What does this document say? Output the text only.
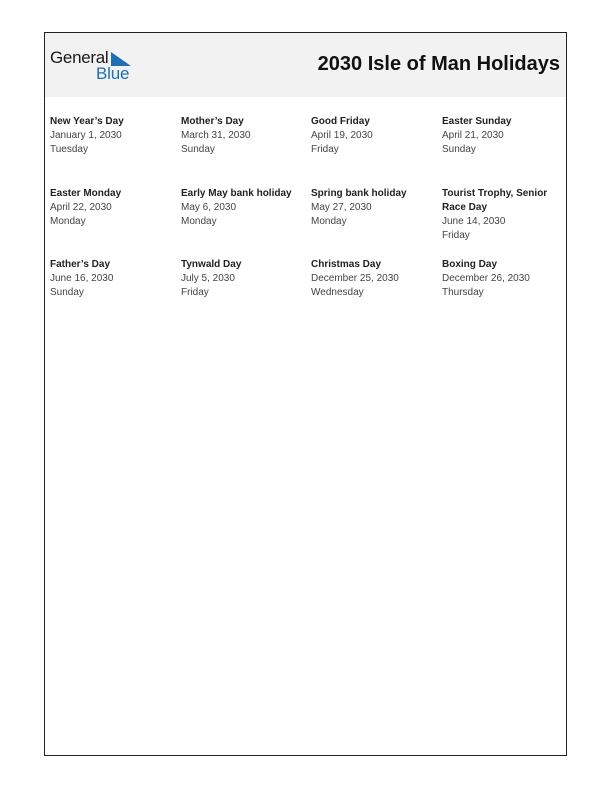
General
Blue	2030 Isle of Man Holidays
New Year’s Day
January 1, 2030
Tuesday
Mother’s Day
March 31, 2030
Sunday
Good Friday
April 19, 2030
Friday
Easter Sunday
April 21, 2030
Sunday
Easter Monday
April 22, 2030
Monday
Early May bank holiday
May 6, 2030
Monday
Spring bank holiday
May 27, 2030
Monday
Tourist Trophy, Senior Race Day
June 14, 2030
Friday
Father’s Day
June 16, 2030
Sunday
Tynwald Day
July 5, 2030
Friday
Christmas Day
December 25, 2030
Wednesday
Boxing Day
December 26, 2030
Thursday
